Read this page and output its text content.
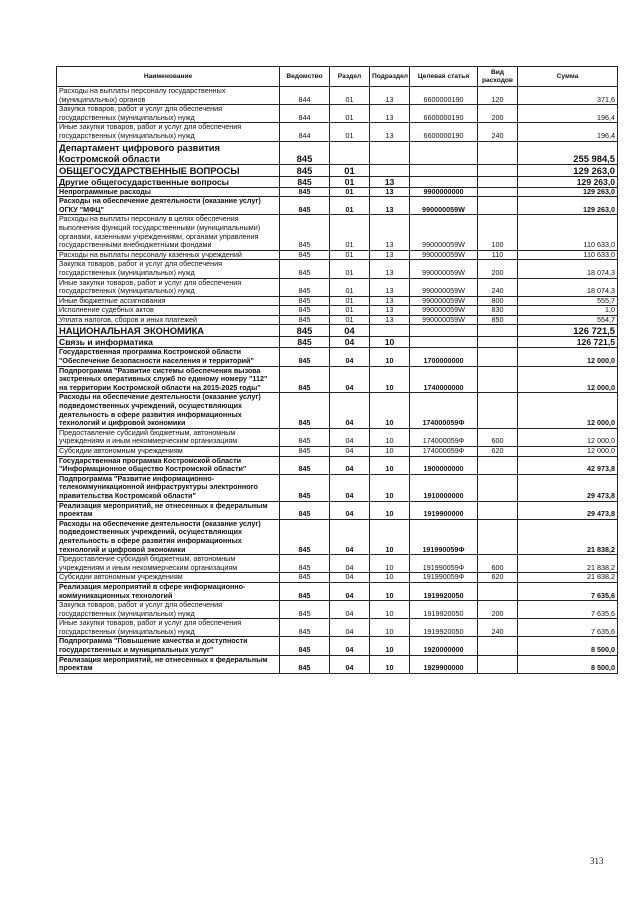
Наименование	Ведомство	Раздел	Подраздел	Целевая статья	Вид расходов	Сумма
Расходы на выплаты персоналу государственных (муниципальных) органов	844	01	13	6600000190	120	371,6
Закупка товаров, работ и услуг для обеспечения государственных (муниципальных) нужд	844	01	13	6600000190	200	196,4
Иные закупки товаров, работ и услуг для обеспечения государственных (муниципальных) нужд	844	01	13	6600000190	240	196,4
Департамент цифрового развития Костромской области	845					255 984,5
ОБЩЕГОСУДАРСТВЕННЫЕ ВОПРОСЫ	845	01				129 263,0
Другие общегосударственные вопросы	845	01	13			129 263,0
Непрограммные расходы	845	01	13	9900000000		129 263,0
Расходы на обеспечение деятельности (оказание услуг) ОГКУ "МФЦ"	845	01	13	990000059W		129 263,0
Расходы на выплаты персоналу в целях обеспечения выполнения функций государственными (муниципальными) органами, казенными учреждениями, органами управления государственными внебюджетными фондами	845	01	13	990000059W	100	110 633,0
Расходы на выплаты персоналу казенных учреждений	845	01	13	990000059W	110	110 633,0
Закупка товаров, работ и услуг для обеспечения государственных (муниципальных) нужд	845	01	13	990000059W	200	18 074,3
Иные закупки товаров, работ и услуг для обеспечения государственных (муниципальных) нужд	845	01	13	990000059W	240	18 074,3
Иные бюджетные ассигнования	845	01	13	990000059W	800	555,7
Исполнение судебных актов	845	01	13	990000059W	830	1,0
Уплата налогов, сборов и иных платежей	845	01	13	990000059W	850	554,7
НАЦИОНАЛЬНАЯ ЭКОНОМИКА	845	04				126 721,5
Связь и информатика	845	04	10			126 721,5
Государственная программа Костромской области "Обеспечение безопасности населения и территорий"	845	04	10	1700000000		12 000,0
Подпрограмма "Развитие системы обеспечения вызова экстренных оперативных служб по единому номеру "112" на территории Костромской области на 2015-2025 годы"	845	04	10	1740000000		12 000,0
Расходы на обеспечение деятельности (оказание услуг) подведомственных учреждений, осуществляющих деятельность в сфере развития информационных технологий и цифровой экономики	845	04	10	174000059Ф		12 000,0
Предоставление субсидий бюджетным, автономным учреждениям и иным некоммерческим организациям	845	04	10	174000059Ф	600	12 000,0
Субсидии автономным учреждениям	845	04	10	174000059Ф	620	12 000,0
Государственная программа Костромской области "Информационное общество Костромской области"	845	04	10	1900000000		42 973,8
Подпрограмма "Развитие информационно-телекоммуникационной инфраструктуры электронного правительства Костромской области"	845	04	10	1910000000		29 473,8
Реализация мероприятий, не отнесенных к федеральным проектам	845	04	10	1919900000		29 473,8
Расходы на обеспечение деятельности (оказание услуг) подведомственных учреждений, осуществляющих деятельность в сфере развития информационных технологий и цифровой экономики	845	04	10	191990059Ф		21 838,2
Предоставление субсидий бюджетным, автономным учреждениям и иным некоммерческим организациям	845	04	10	191990059Ф	600	21 838,2
Субсидии автономным учреждениям	845	04	10	191990059Ф	620	21 838,2
Реализация мероприятий в сфере информационно-коммуникационных технологий	845	04	10	1919920050		7 635,6
Закупка товаров, работ и услуг для обеспечения государственных (муниципальных) нужд	845	04	10	1919920050	200	7 635,6
Иные закупки товаров, работ и услуг для обеспечения государственных (муниципальных) нужд	845	04	10	1919920050	240	7 635,6
Подпрограмма "Повышение качества и доступности государственных и муниципальных услуг"	845	04	10	1920000000		8 500,0
Реализация мероприятий, не отнесенных к федеральным проектам	845	04	10	1929900000		8 500,0
313
